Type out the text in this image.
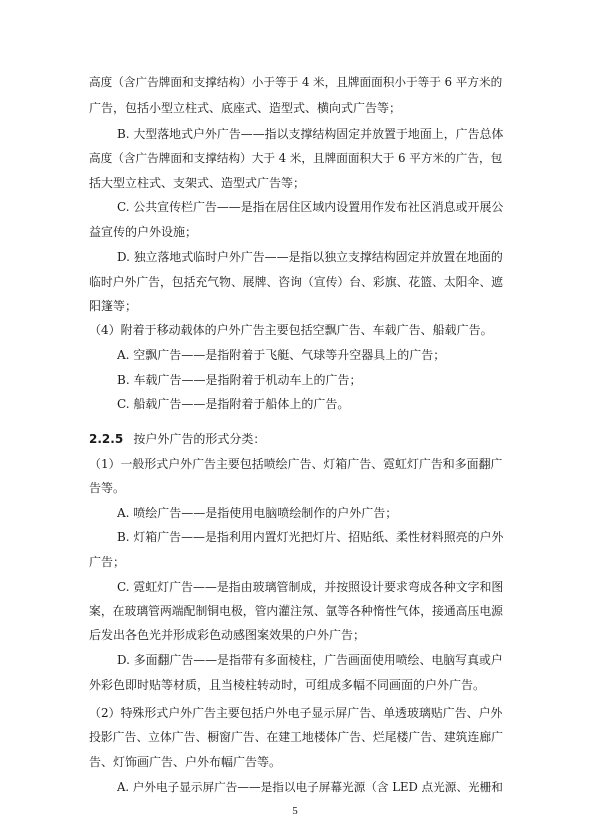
高度（含广告牌面和支撑结构）小于等于 4 米，且牌面面积小于等于 6 平方米的
广告，包括小型立柱式、底座式、造型式、横向式广告等；
B. 大型落地式户外广告——指以支撑结构固定并放置于地面上，广告总体
高度（含广告牌面和支撑结构）大于 4 米，且牌面面积大于 6 平方米的广告，包
括大型立柱式、支架式、造型式广告等；
C. 公共宣传栏广告——是指在居住区域内设置用作发布社区消息或开展公
益宣传的户外设施；
D. 独立落地式临时户外广告——是指以独立支撑结构固定并放置在地面的
临时户外广告，包括充气物、展牌、咨询（宣传）台、彩旗、花篮、太阳伞、遮
阳篷等；
（4）附着于移动载体的户外广告主要包括空飘广告、车载广告、船载广告。
A. 空飘广告——是指附着于飞艇、气球等升空器具上的广告；
B. 车载广告——是指附着于机动车上的广告；
C. 船载广告——是指附着于船体上的广告。
2.2.5 按户外广告的形式分类：
（1）一般形式户外广告主要包括喷绘广告、灯箱广告、霓虹灯广告和多面翻广
告等。
A. 喷绘广告——是指使用电脑喷绘制作的户外广告；
B. 灯箱广告——是指利用内置灯光把灯片、招贴纸、柔性材料照亮的户外
广告；
C. 霓虹灯广告——是指由玻璃管制成，并按照设计要求弯成各种文字和图
案，在玻璃管两端配制铜电极，管内灌注氖、氩等各种惰性气体，接通高压电源
后发出各色光并形成彩色动感图案效果的户外广告；
D. 多面翻广告——是指带有多面棱柱，广告画面使用喷绘、电脑写真或户
外彩色即时贴等材质，且当棱柱转动时，可组成多幅不同画面的户外广告。
（2）特殊形式户外广告主要包括户外电子显示屏广告、单透玻璃贴广告、户外
投影广告、立体广告、橱窗广告、在建工地楼体广告、烂尾楼广告、建筑连廊广
告、灯饰画广告、户外布幅广告等。
A. 户外电子显示屏广告——是指以电子屏幕光源（含 LED 点光源、光栅和
5
